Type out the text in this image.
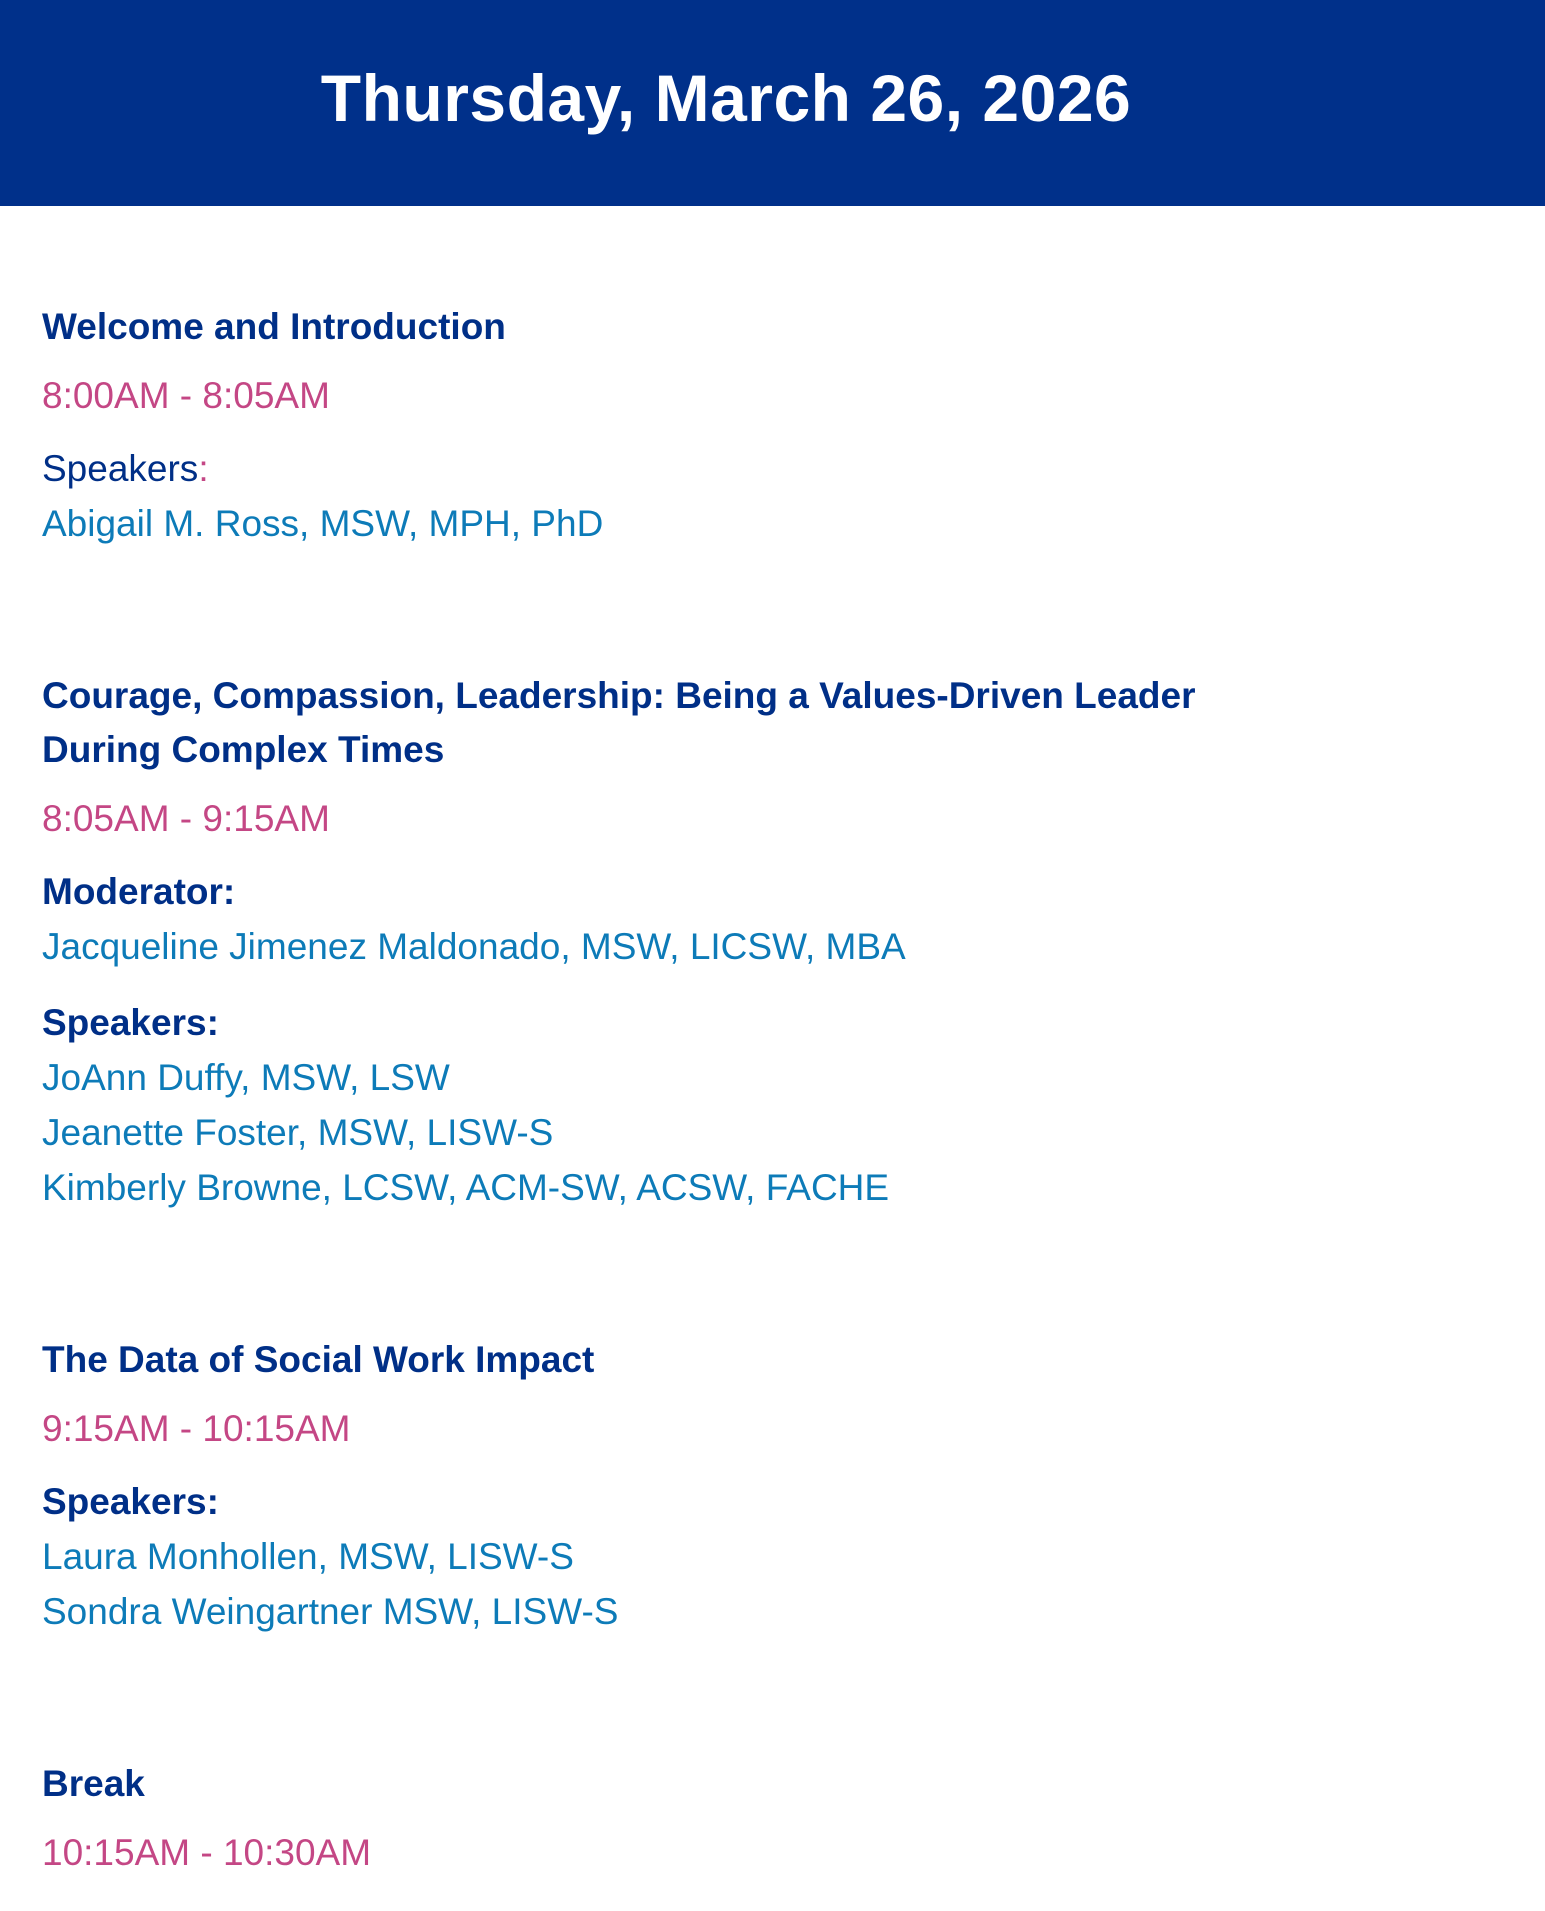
Thursday, March 26, 2026
Welcome and Introduction

8:00AM - 8:05AM

Speakers:

Abigail M. Ross, MSW, MPH, PhD
Courage, Compassion, Leadership: Being a Values-Driven Leader During Complex Times

8:05AM - 9:15AM

Moderator:

Jacqueline Jimenez Maldonado, MSW, LICSW, MBA

Speakers:

JoAnn Duffy, MSW, LSW
Jeanette Foster, MSW, LISW-S
Kimberly Browne, LCSW, ACM-SW, ACSW, FACHE
The Data of Social Work Impact

9:15AM - 10:15AM

Speakers:

Laura Monhollen, MSW, LISW-S
Sondra Weingartner MSW, LISW-S
Break

10:15AM - 10:30AM
